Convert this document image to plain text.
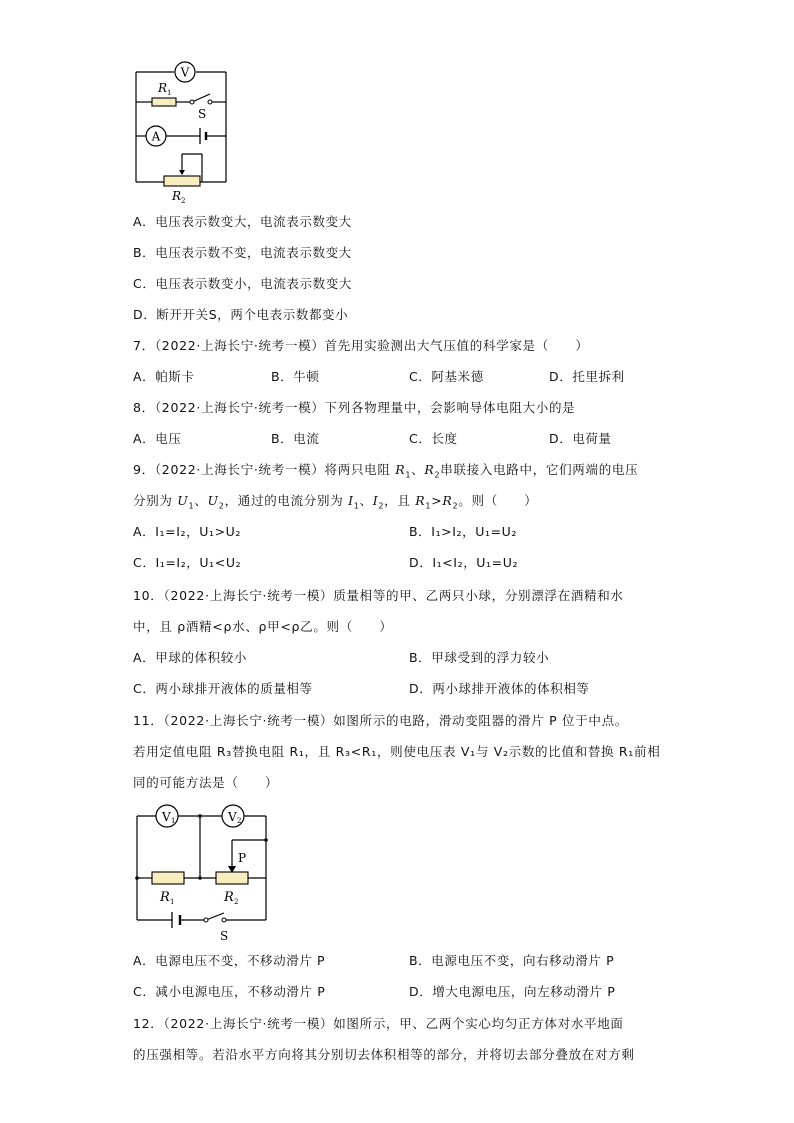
V
R 1
S
A
R 2
A．电压表示数变大，电流表示数变大
B．电压表示数不变，电流表示数变大
C．电压表示数变小，电流表示数变大
D．断开开关S，两个电表示数都变小
7．（2022·上海长宁·统考一模）首先用实验测出大气压值的科学家是（　　）
A．帕斯卡	B．牛顿	C．阿基米德	D．托里拆利
8．（2022·上海长宁·统考一模）下列各物理量中，会影响导体电阻大小的是
A．电压	B．电流	C．长度	D．电荷量
9．（2022·上海长宁·统考一模）将两只电阻 $R_1$、$R_2$串联接入电路中，它们两端的电压
分别为 $U_1$、$U_2$，通过的电流分别为 $I_1$、$I_2$，且 $R_1>R_2$。则（　　）
A．I₁=I₂，U₁>U₂	B．I₁>I₂，U₁=U₂
C．I₁=I₂，U₁<U₂	D．I₁<I₂，U₁=U₂
10．（2022·上海长宁·统考一模）质量相等的甲、乙两只小球，分别漂浮在酒精和水
中，且 ρ酒精<ρ水、ρ甲<ρ乙。则（　　）
A．甲球的体积较小	B．甲球受到的浮力较小
C．两小球排开液体的质量相等	D．两小球排开液体的体积相等
11．（2022·上海长宁·统考一模）如图所示的电路，滑动变阻器的滑片 P 位于中点。
若用定值电阻 R₃替换电阻 R₁，且 R₃<R₁，则使电压表 V₁与 V₂示数的比值和替换 R₁前相
同的可能方法是（　　）
V 1	V 2
P
R 1	R 2
S
A．电源电压不变，不移动滑片 P	B．电源电压不变，向右移动滑片 P
C．减小电源电压，不移动滑片 P	D．增大电源电压，向左移动滑片 P
12．（2022·上海长宁·统考一模）如图所示，甲、乙两个实心均匀正方体对水平地面
的压强相等。若沿水平方向将其分别切去体积相等的部分，并将切去部分叠放在对方剩
